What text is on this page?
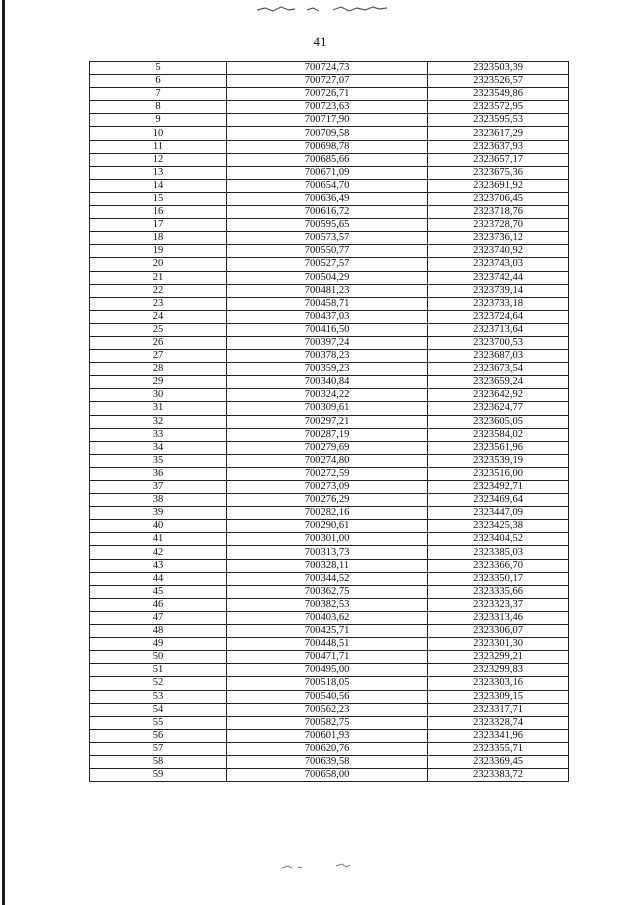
41
5	700724,73	2323503,39
6	700727,07	2323526,57
7	700726,71	2323549,86
8	700723,63	2323572,95
9	700717,90	2323595,53
10	700709,58	2323617,29
11	700698,78	2323637,93
12	700685,66	2323657,17
13	700671,09	2323675,36
14	700654,70	2323691,92
15	700636,49	2323706,45
16	700616,72	2323718,76
17	700595,65	2323728,70
18	700573,57	2323736,12
19	700550,77	2323740,92
20	700527,57	2323743,03
21	700504,29	2323742,44
22	700481,23	2323739,14
23	700458,71	2323733,18
24	700437,03	2323724,64
25	700416,50	2323713,64
26	700397,24	2323700,53
27	700378,23	2323687,03
28	700359,23	2323673,54
29	700340,84	2323659,24
30	700324,22	2323642,92
31	700309,61	2323624,77
32	700297,21	2323605,05
33	700287,19	2323584,02
34	700279,69	2323561,96
35	700274,80	2323539,19
36	700272,59	2323516,00
37	700273,09	2323492,71
38	700276,29	2323469,64
39	700282,16	2323447,09
40	700290,61	2323425,38
41	700301,00	2323404,52
42	700313,73	2323385,03
43	700328,11	2323366,70
44	700344,52	2323350,17
45	700362,75	2323335,66
46	700382,53	2323323,37
47	700403,62	2323313,46
48	700425,71	2323306,07
49	700448,51	2323301,30
50	700471,71	2323299,21
51	700495,00	2323299,83
52	700518,05	2323303,16
53	700540,56	2323309,15
54	700562,23	2323317,71
55	700582,75	2323328,74
56	700601,93	2323341,96
57	700620,76	2323355,71
58	700639,58	2323369,45
59	700658,00	2323383,72
